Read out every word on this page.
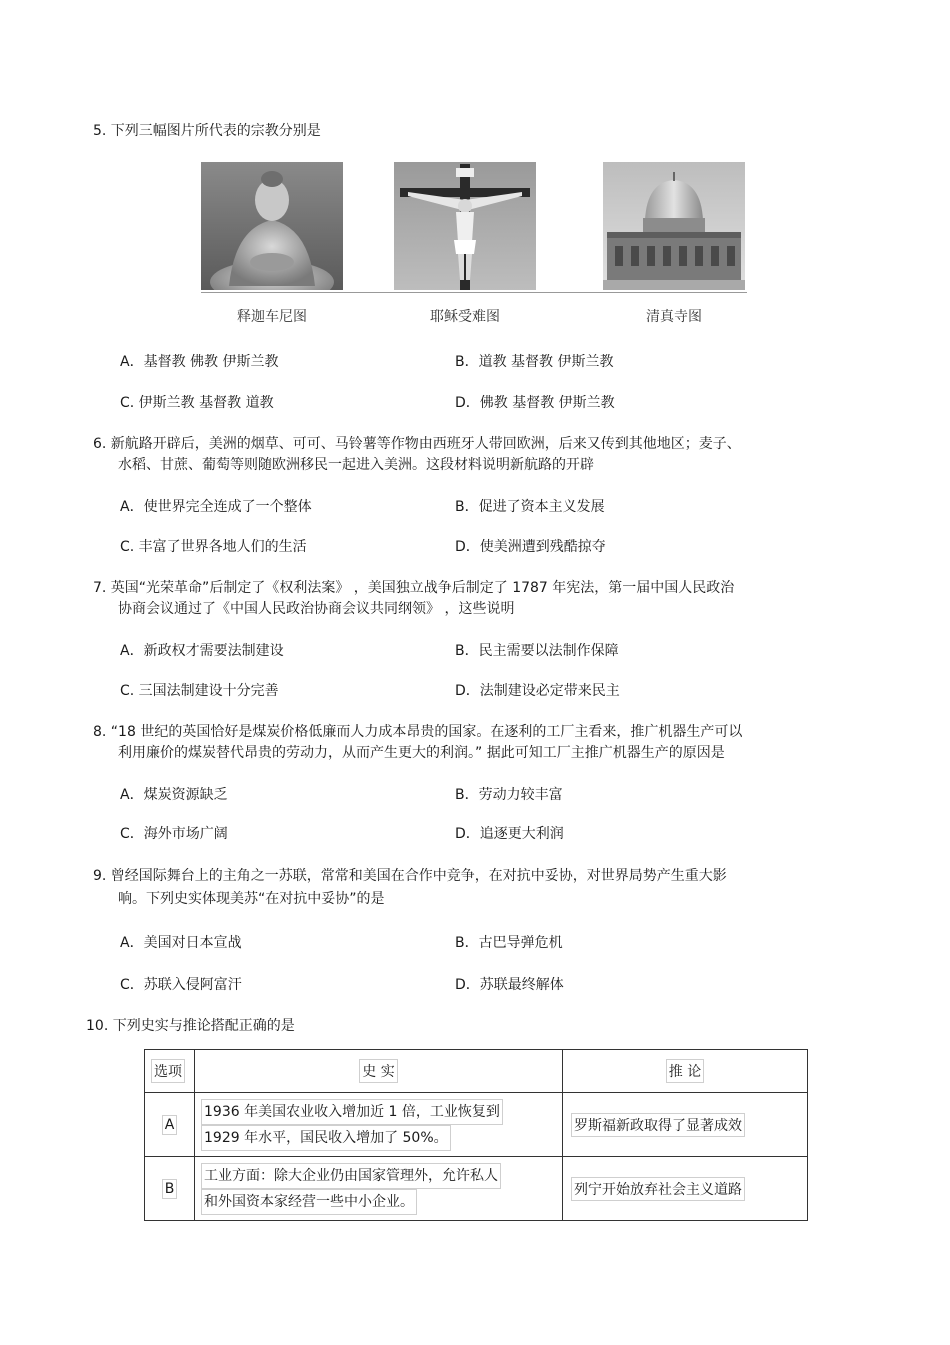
5. 下列三幅图片所代表的宗教分别是
释迦车尼图	耶稣受难图	清真寺图
A．基督教 佛教 伊斯兰教	B．道教 基督教 伊斯兰教
C. 伊斯兰教 基督教 道教	D．佛教 基督教 伊斯兰教
6. 新航路开辟后，美洲的烟草、可可、马铃薯等作物由西班牙人带回欧洲，后来又传到其他地区；麦子、
水稻、甘蔗、葡萄等则随欧洲移民一起进入美洲。这段材料说明新航路的开辟
A．使世界完全连成了一个整体	B．促进了资本主义发展
C. 丰富了世界各地人们的生活	D．使美洲遭到残酷掠夺
7. 英国“光荣革命”后制定了《权利法案》 ，美国独立战争后制定了 1787 年宪法，第一届中国人民政治
协商会议通过了《中国人民政治协商会议共同纲领》 ，这些说明
A．新政权才需要法制建设	B．民主需要以法制作保障
C. 三国法制建设十分完善	D．法制建设必定带来民主
8. “18 世纪的英国恰好是煤炭价格低廉而人力成本昂贵的国家。在逐利的工厂主看来，推广机器生产可以
利用廉价的煤炭替代昂贵的劳动力，从而产生更大的利润。” 据此可知工厂主推广机器生产的原因是
A．煤炭资源缺乏	B．劳动力较丰富
C．海外市场广阔	D．追逐更大利润
9. 曾经国际舞台上的主角之一苏联，常常和美国在合作中竞争，在对抗中妥协，对世界局势产生重大影
响。下列史实体现美苏“在对抗中妥协”的是
A．美国对日本宣战	B．古巴导弹危机
C．苏联入侵阿富汗	D．苏联最终解体
10. 下列史实与推论搭配正确的是
选项	史 实	推 论
A	1936 年美国农业收入增加近 1 倍，工业恢复到
1929 年水平，国民收入增加了 50%。	罗斯福新政取得了显著成效
B	工业方面：除大企业仍由国家管理外，允许私人
和外国资本家经营一些中小企业。	列宁开始放弃社会主义道路
